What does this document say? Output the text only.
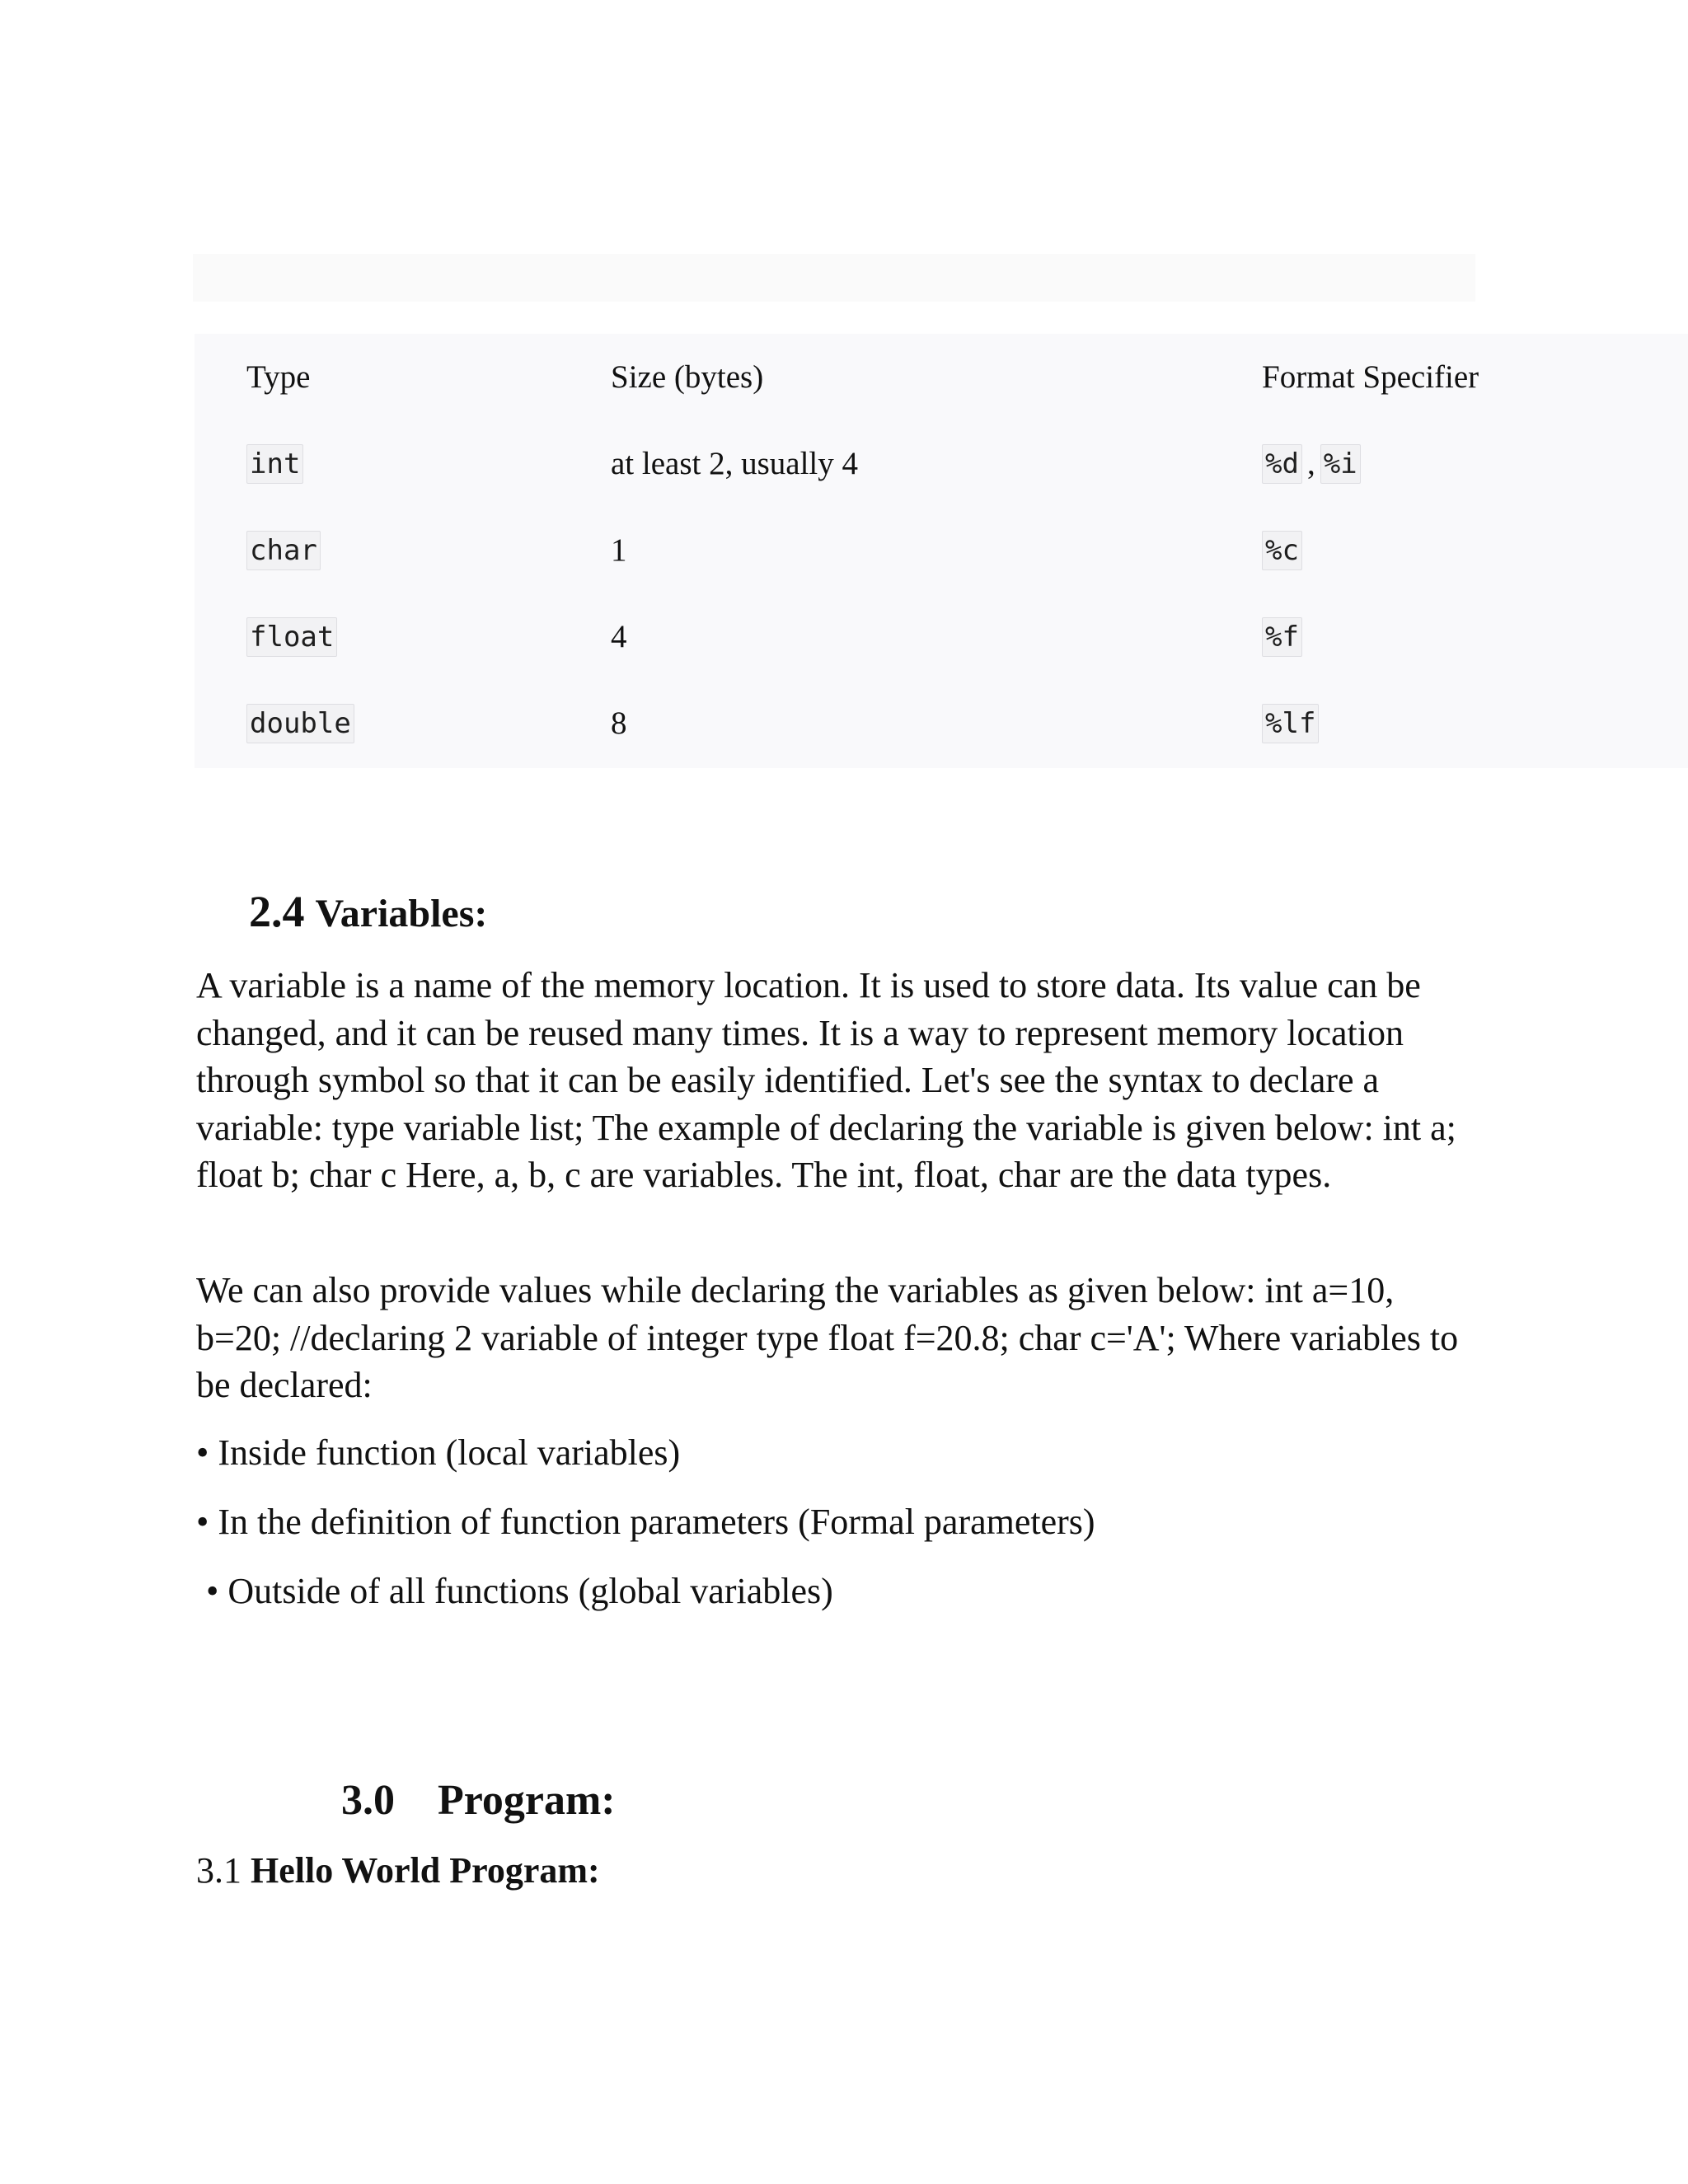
Type	Size (bytes)	Format Specifier
int	at least 2, usually 4	%d , %i
char	1	%c
float	4	%f
double	8	%lf
2.4 Variables:

A variable is a name of the memory location. It is used to store data. Its value can be changed, and it can be reused many times. It is a way to represent memory location through symbol so that it can be easily identified. Let's see the syntax to declare a variable: type variable list; The example of declaring the variable is given below: int a; float b; char c Here, a, b, c are variables. The int, float, char are the data types.

We can also provide values while declaring the variables as given below: int a=10, b=20; //declaring 2 variable of integer type float f=20.8; char c='A'; Where variables to be declared:

• Inside function (local variables)
• In the definition of function parameters (Formal parameters)
• Outside of all functions (global variables)
3.0 Program:
3.1 Hello World Program:
